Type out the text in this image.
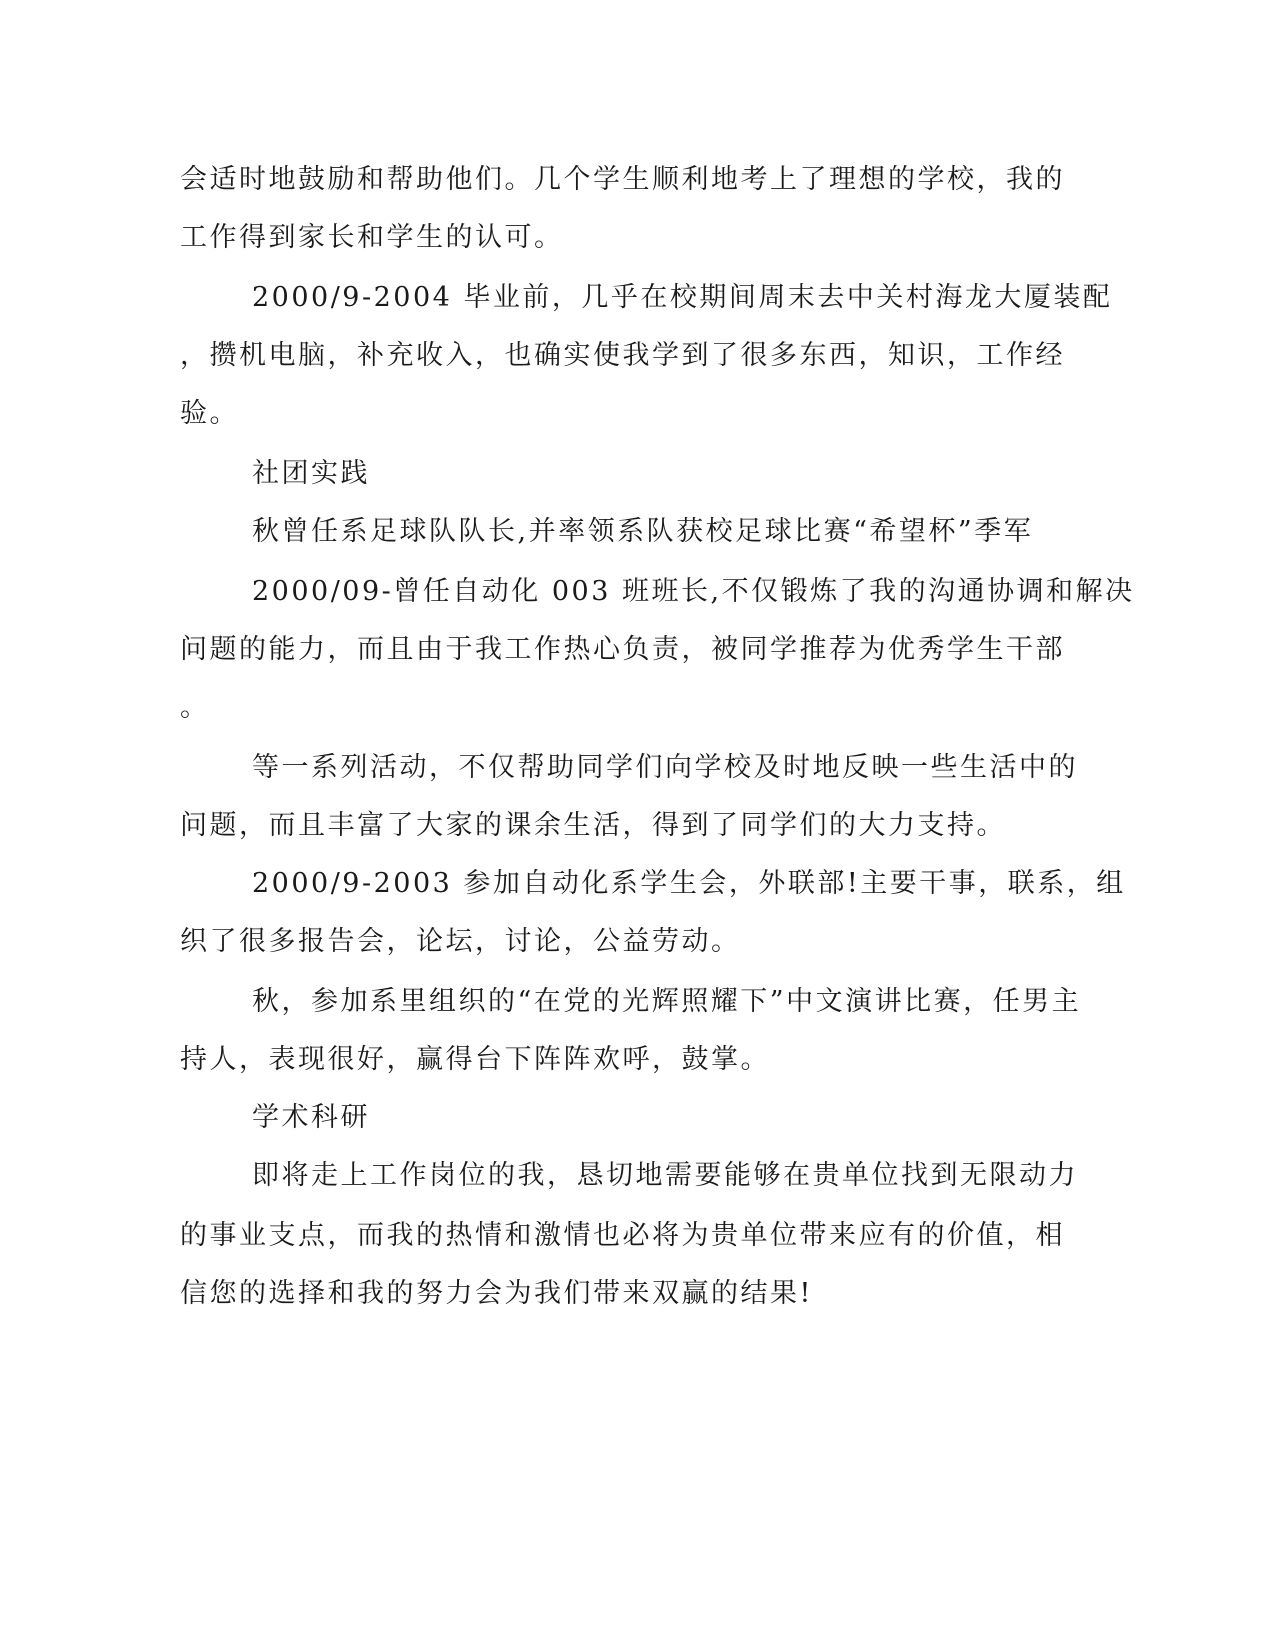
会适时地鼓励和帮助他们。几个学生顺利地考上了理想的学校，我的
工作得到家长和学生的认可。
2000/9-2004 毕业前，几乎在校期间周末去中关村海龙大厦装配
，攒机电脑，补充收入，也确实使我学到了很多东西，知识，工作经
验。
社团实践
秋曾任系足球队队长,并率领系队获校足球比赛“希望杯”季军
2000/09-曾任自动化 003 班班长,不仅锻炼了我的沟通协调和解决
问题的能力，而且由于我工作热心负责，被同学推荐为优秀学生干部
。
等一系列活动，不仅帮助同学们向学校及时地反映一些生活中的
问题，而且丰富了大家的课余生活，得到了同学们的大力支持。
2000/9-2003 参加自动化系学生会，外联部!主要干事，联系，组
织了很多报告会，论坛，讨论，公益劳动。
秋，参加系里组织的“在党的光辉照耀下”中文演讲比赛，任男主
持人，表现很好，赢得台下阵阵欢呼，鼓掌。
学术科研
即将走上工作岗位的我，恳切地需要能够在贵单位找到无限动力
的事业支点，而我的热情和激情也必将为贵单位带来应有的价值，相
信您的选择和我的努力会为我们带来双赢的结果!
